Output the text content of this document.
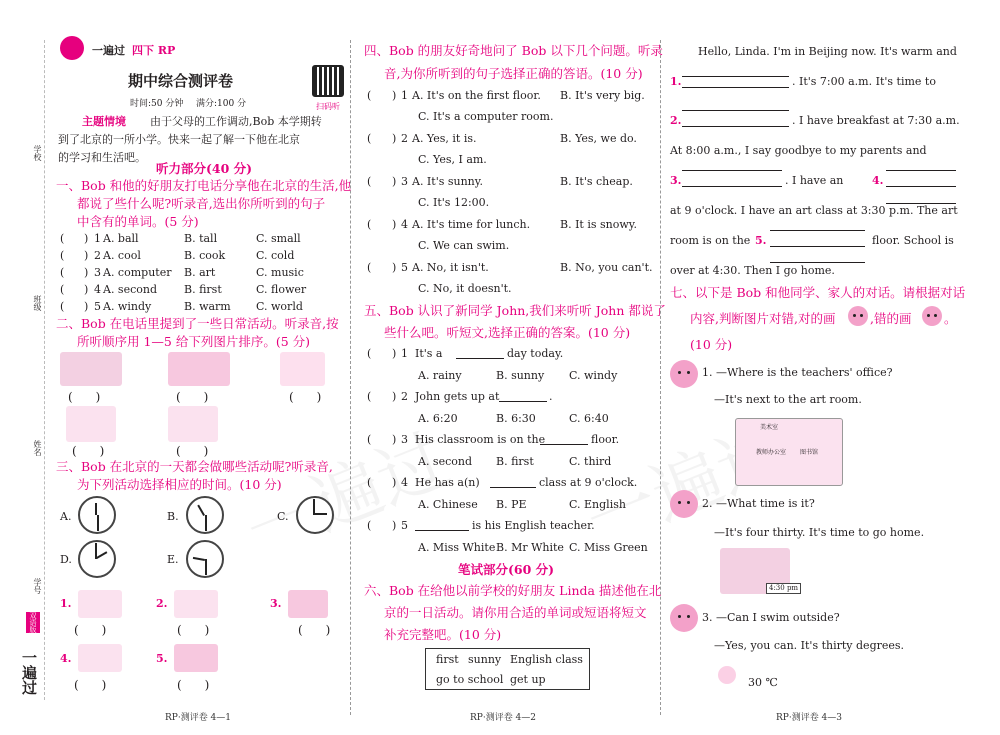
学校
班级
姓名
学号
一遍过
双语版
一遍过 四下 RP
期中综合测评卷
时间:50 分钟 满分:100 分	扫码听
主题情境 由于父母的工作调动,Bob 本学期转
到了北京的一所小学。快来一起了解一下他在北京
的学习和生活吧。
听力部分(40 分)
一、Bob 和他的好朋友打电话分享他在北京的生活,他
都说了些什么呢?听录音,选出你所听到的句子
中含有的单词。(5 分)
( ) 1 A. ball	B. tall	C. small
( ) 2 A. cool	B. cook	C. cold
( ) 3 A. computer B. art	C. music
( ) 4 A. second B. first	C. flower
( ) 5 A. windy	B. warm C. world
二、Bob 在电话里提到了一些日常活动。听录音,按
所听顺序用 1—5 给下列图片排序。(5 分)
(      )	(      )	(      )
(      )	(      )
三、Bob 在北京的一天都会做哪些活动呢?听录音,
为下列活动选择相应的时间。(10 分)
A.	B.	C.
D.	E.
1.	2.	3.
(      )	(      )	(      )
4.	5.
(      )	(      )
RP·测评卷 4—1
四、Bob 的朋友好奇地问了 Bob 以下几个问题。听录
音,为你所听到的句子选择正确的答语。(10 分)
( ) 1 A. It's on the first floor. B. It's very big.
C. It's a computer room.
( ) 2 A. Yes, it is.	B. Yes, we do.
C. Yes, I am.
( ) 3 A. It's sunny.	B. It's cheap.
C. It's 12:00.
( ) 4 A. It's time for lunch.	B. It is snowy.
C. We can swim.
( ) 5 A. No, it isn't.	B. No, you can't.
C. No, it doesn't.
五、Bob 认识了新同学 John,我们来听听 John 都说了
些什么吧。听短文,选择正确的答案。(10 分)
( ) 1 It's a	day today.
A. rainy	B. sunny C. windy
( ) 2 John gets up at	.
A. 6:20	B. 6:30	C. 6:40
( ) 3 His classroom is on the	floor.
A. second B. first	C. third
( ) 4 He has a(n)	class at 9 o'clock.
A. Chinese B. PE	C. English
( ) 5	is his English teacher.
A. Miss White B. Mr White C. Miss Green
笔试部分(60 分)
六、Bob 在给他以前学校的好朋友 Linda 描述他在北
京的一日活动。请你用合适的单词或短语将短文
补充完整吧。(10 分)
first sunny English class
go to school get up
RP·测评卷 4—2
Hello, Linda. I'm in Beijing now. It's warm and
1.	. It's 7:00 a.m. It's time to
2.	. I have breakfast at 7:30 a.m.
At 8:00 a.m., I say goodbye to my parents and
3.	. I have an	4.
at 9 o'clock. I have an art class at 3:30 p.m. The art
room is on the 5.	floor. School is
over at 4:30. Then I go home.
七、以下是 Bob 和他同学、家人的对话。请根据对话
内容,判断图片对错,对的画	,错的画	。
(10 分)
1. —Where is the teachers' office?
—It's next to the art room.
美术室
教师办公室 图书馆
2. —What time is it?
—It's four thirty. It's time to go home.
4:30 pm
3. —Can I swim outside?
—Yes, you can. It's thirty degrees.
30 ℃
RP·测评卷 4—3
